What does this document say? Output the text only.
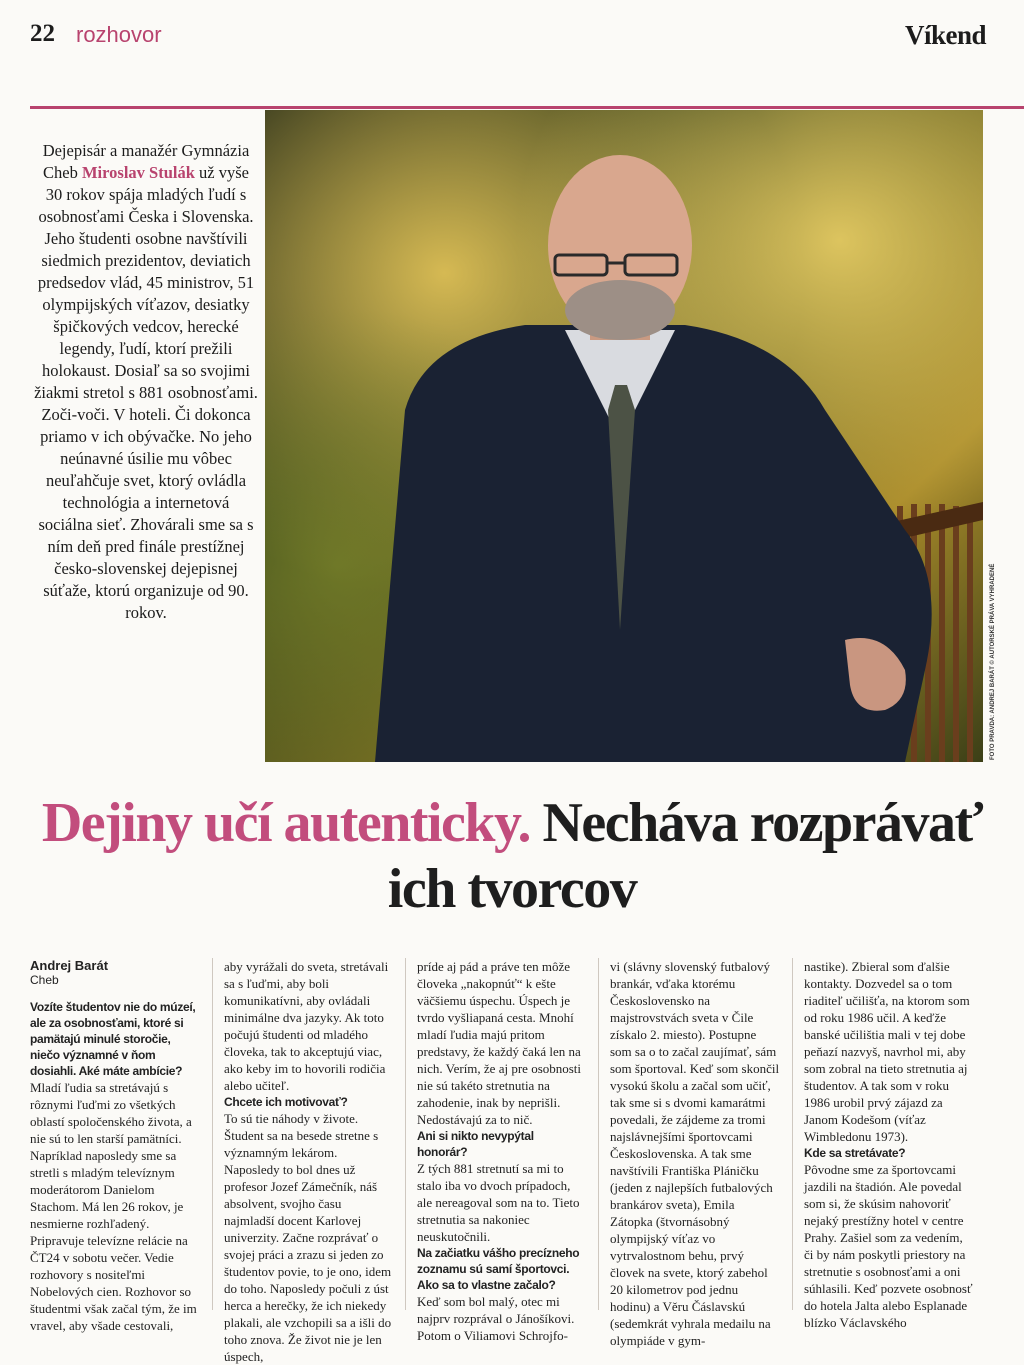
22 rozhovor	Víkend
Dejepisár a manažér Gymnázia Cheb Miroslav Stulák už vyše 30 rokov spája mladých ľudí s osobnosťami Česka i Slovenska. Jeho študenti osobne navštívili siedmich prezidentov, deviatich predsedov vlád, 45 ministrov, 51 olympijských víťazov, desiatky špičkových vedcov, herecké legendy, ľudí, ktorí prežili holokaust. Dosiaľ sa so svojimi žiakmi stretol s 881 osobnosťami. Zoči-voči. V hoteli. Či dokonca priamo v ich obývačke. No jeho neúnavné úsilie mu vôbec neuľahčuje svet, ktorý ovládla technológia a internetová sociálna sieť. Zhovárali sme sa s ním deň pred finále prestížnej česko-slovenskej dejepisnej súťaže, ktorú organizuje od 90. rokov.	FOTO PRAVDA: ANDREJ BARÁT © AUTORSKÉ PRÁVA VYHRADENÉ
Dejiny učí autenticky. Necháva rozprávať ich tvorcov
Andrej Barát
Cheb

Vozíte študentov nie do múzeí, ale za osobnosťami, ktoré si pamätajú minulé storočie, niečo významné v ňom dosiahli. Aké máte ambície?

Mladí ľudia sa stretávajú s rôznymi ľuďmi zo všetkých oblastí spoločenského života, a nie sú to len starší pamätníci. Napríklad naposledy sme sa stretli s mladým televíznym moderátorom Danielom Stachom. Má len 26 rokov, je nesmierne rozhľadený. Pripravuje televízne relácie na ČT24 v sobotu večer. Vedie rozhovory s nositeľmi Nobelových cien. Rozhovor so študentmi však začal tým, že im vravel, aby všade cestovali,

aby vyrážali do sveta, stretávali sa s ľuďmi, aby boli komunikatívni, aby ovládali minimálne dva jazyky. Ak toto počujú študenti od mladého človeka, tak to akceptujú viac, ako keby im to hovorili rodičia alebo učiteľ.

Chcete ich motivovať?

To sú tie náhody v živote. Študent sa na besede stretne s významným lekárom. Naposledy to bol dnes už profesor Jozef Zámečník, náš absolvent, svojho času najmladší docent Karlovej univerzity. Začne rozprávať o svojej práci a zrazu si jeden zo študentov povie, to je ono, idem do toho. Naposledy počuli z úst herca a herečky, že ich niekedy plakali, ale vzchopili sa a išli do toho znova. Že život nie je len úspech,

príde aj pád a práve ten môže človeka „nakopnúť“ k ešte väčšiemu úspechu. Úspech je tvrdo vyšliapaná cesta. Mnohí mladí ľudia majú pritom predstavy, že každý čaká len na nich. Verím, že aj pre osobnosti nie sú takéto stretnutia na zahodenie, inak by neprišli. Nedostávajú za to nič.

Ani si nikto nevypýtal honorár?

Z tých 881 stretnutí sa mi to stalo iba vo dvoch prípadoch, ale nereagoval som na to. Tieto stretnutia sa nakoniec neuskutočnili.

Na začiatku vášho precízneho zoznamu sú samí športovci. Ako sa to vlastne začalo?

Keď som bol malý, otec mi najprv rozprával o Jánošíkovi. Potom o Viliamovi Schrojfo-

vi (slávny slovenský futbalový brankár, vďaka ktorému Československo na majstrovstvách sveta v Čile získalo 2. miesto). Postupne som sa o to začal zaujímať, sám som športoval. Keď som skončil vysokú školu a začal som učiť, tak sme si s dvomi kamarátmi povedali, že zájdeme za tromi najslávnejšími športovcami Československa. A tak sme navštívili Františka Pláničku (jeden z najlepších futbalových brankárov sveta), Emila Zátopka (štvornásobný olympijský víťaz vo vytrvalostnom behu, prvý človek na svete, ktorý zabehol 20 kilometrov pod jednu hodinu) a Věru Čáslavskú (sedemkrát vyhrala medailu na olympiáde v gym-

nastike). Zbieral som ďalšie kontakty. Dozvedel sa o tom riaditeľ učilišťa, na ktorom som od roku 1986 učil. A keďže banské učilištia mali v tej dobe peňazí nazvyš, navrhol mi, aby som zobral na tieto stretnutia aj študentov. A tak som v roku 1986 urobil prvý zájazd za Janom Kodešom (víťaz Wimbledonu 1973).

Kde sa stretávate?

Pôvodne sme za športovcami jazdili na štadión. Ale povedal som si, že skúsim nahovoriť nejaký prestížny hotel v centre Prahy. Zašiel som za vedením, či by nám poskytli priestory na stretnutie s osobnosťami a oni súhlasili. Keď pozvete osobnosť do hotela Jalta alebo Esplanade blízko Václavského
